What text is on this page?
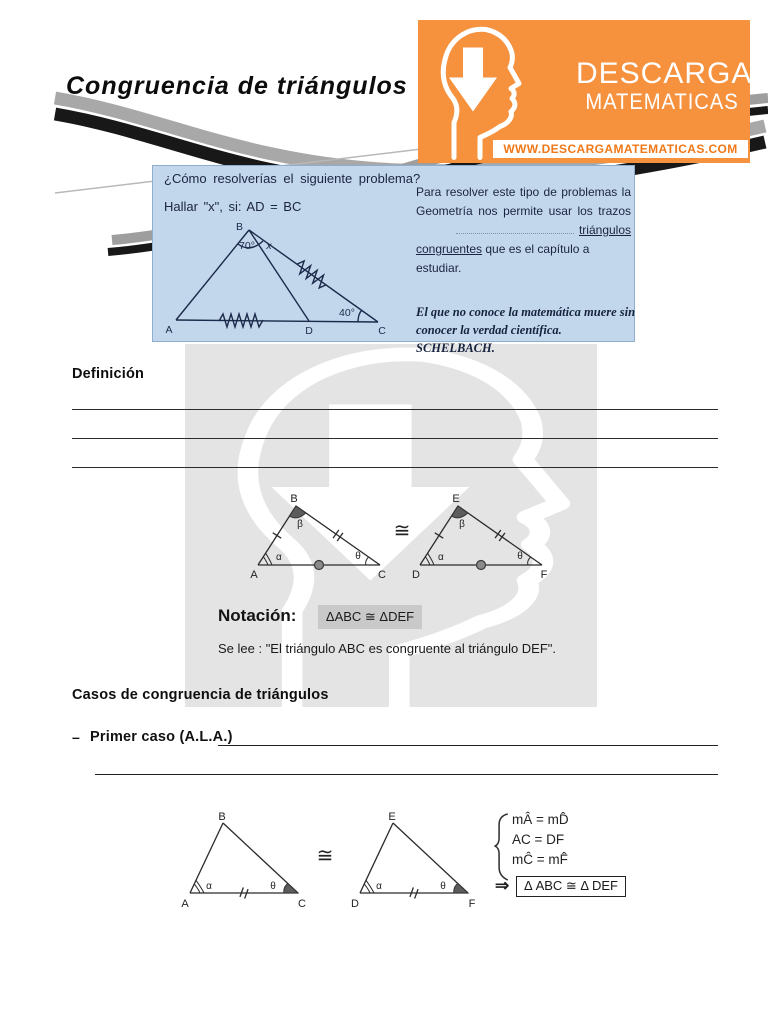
Congruencia de triángulos	DESCARGA
MATEMATICAS
WWW.DESCARGAMATEMATICAS.COM

¿Cómo resolverías el siguiente problema?

Hallar "x", si: AD = BC

B
A	D	C
70° x
40°
Para resolver este tipo de problemas la
Geometría nos permite usar los trazos
triángulos
congruentes que es el capítulo a estudiar.

El que no conoce la matemática muere sin conocer la verdad científica. SCHELBACH.

Definición
A
B
C
α
β
θ
≅
D
E
F
α
β
θ
Notación:	ΔABC ≅ ΔDEF

Se lee : "El triángulo ABC es congruente al triángulo DEF".

Casos de congruencia de triángulos
– Primer caso (A.L.A.)
A
B
C
α	θ
≅
D
E
F
α	θ
mÂ = mD̂
AC = DF
mĈ = mF̂
⇒	Δ ABC ≅ Δ DEF
